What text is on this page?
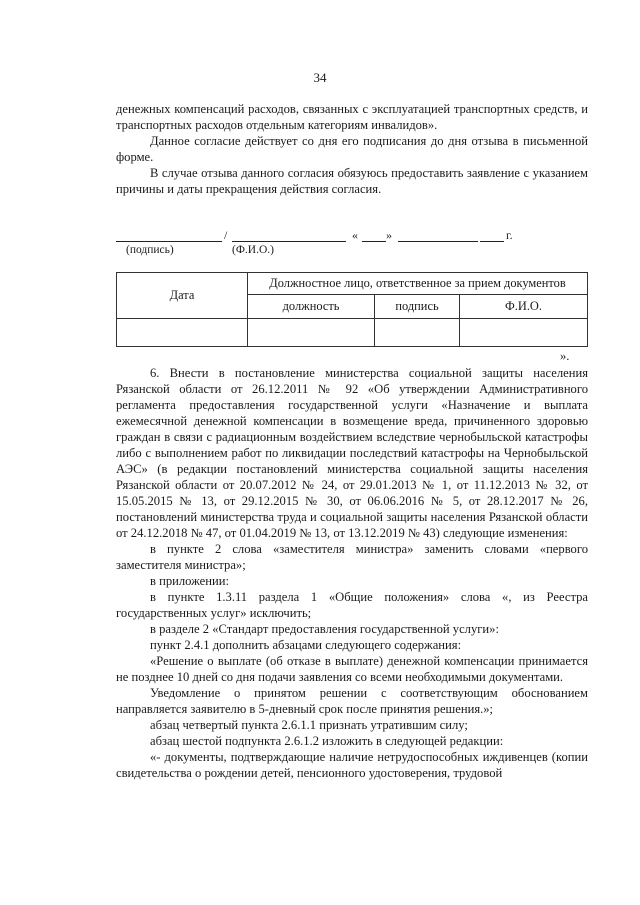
34

денежных компенсаций расходов, связанных с эксплуатацией транспортных средств, и транспортных расходов отдельным категориям инвалидов».

Данное согласие действует со дня его подписания до дня отзыва в письменной форме.

В случае отзыва данного согласия обязуюсь предоставить заявление с указанием причины и даты прекращения действия согласия.

/	« »	г.
(подпись)	(Ф.И.О.)
Дата	Должностное лицо, ответственное за прием документов		
	должность	подпись	Ф.И.О.

».

6. Внести в постановление министерства социальной защиты населения Рязанской области от 26.12.2011 № 92 «Об утверждении Административного регламента предоставления государственной услуги «Назначение и выплата ежемесячной денежной компенсации в возмещение вреда, причиненного здоровью граждан в связи с радиационным воздействием вследствие чернобыльской катастрофы либо с выполнением работ по ликвидации последствий катастрофы на Чернобыльской АЭС» (в редакции постановлений министерства социальной защиты населения Рязанской области от 20.07.2012 № 24, от 29.01.2013 № 1, от 11.12.2013 № 32, от 15.05.2015 № 13, от 29.12.2015 № 30, от 06.06.2016 № 5, от 28.12.2017 № 26, постановлений министерства труда и социальной защиты населения Рязанской области от 24.12.2018 № 47, от 01.04.2019 № 13, от 13.12.2019 № 43) следующие изменения:

в пункте 2 слова «заместителя министра» заменить словами «первого заместителя министра»;

в приложении:

в пункте 1.3.11 раздела 1 «Общие положения» слова «, из Реестра государственных услуг» исключить;

в разделе 2 «Стандарт предоставления государственной услуги»:

пункт 2.4.1 дополнить абзацами следующего содержания:

«Решение о выплате (об отказе в выплате) денежной компенсации принимается не позднее 10 дней со дня подачи заявления со всеми необходимыми документами.

Уведомление о принятом решении с соответствующим обоснованием направляется заявителю в 5-дневный срок после принятия решения.»;

абзац четвертый пункта 2.6.1.1 признать утратившим силу;

абзац шестой подпункта 2.6.1.2 изложить в следующей редакции:

«- документы, подтверждающие наличие нетрудоспособных иждивенцев (копии свидетельства о рождении детей, пенсионного удостоверения, трудовой
